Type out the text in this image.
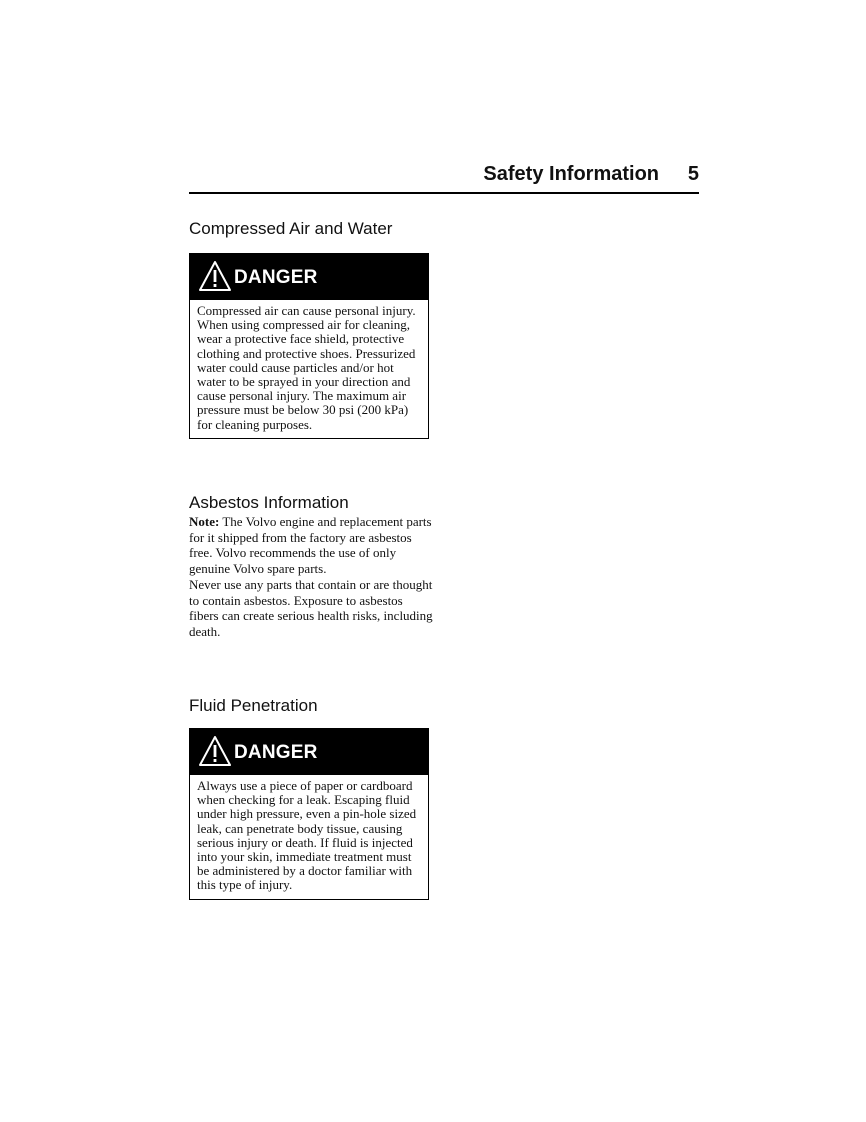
Safety Information 5
Compressed Air and Water
DANGER
Compressed air can cause personal injury. When using compressed air for cleaning, wear a protective face shield, protective clothing and protective shoes. Pressurized water could cause particles and/or hot water to be sprayed in your direction and cause personal injury. The maximum air pressure must be below 30 psi (200 kPa) for cleaning purposes.
Asbestos Information
Note: The Volvo engine and replacement parts for it shipped from the factory are asbestos free. Volvo recommends the use of only genuine Volvo spare parts.
Never use any parts that contain or are thought to contain asbestos. Exposure to asbestos fibers can create serious health risks, including death.
Fluid Penetration
DANGER
Always use a piece of paper or cardboard when checking for a leak. Escaping fluid under high pressure, even a pin-hole sized leak, can penetrate body tissue, causing serious injury or death. If fluid is injected into your skin, immediate treatment must be administered by a doctor familiar with this type of injury.
